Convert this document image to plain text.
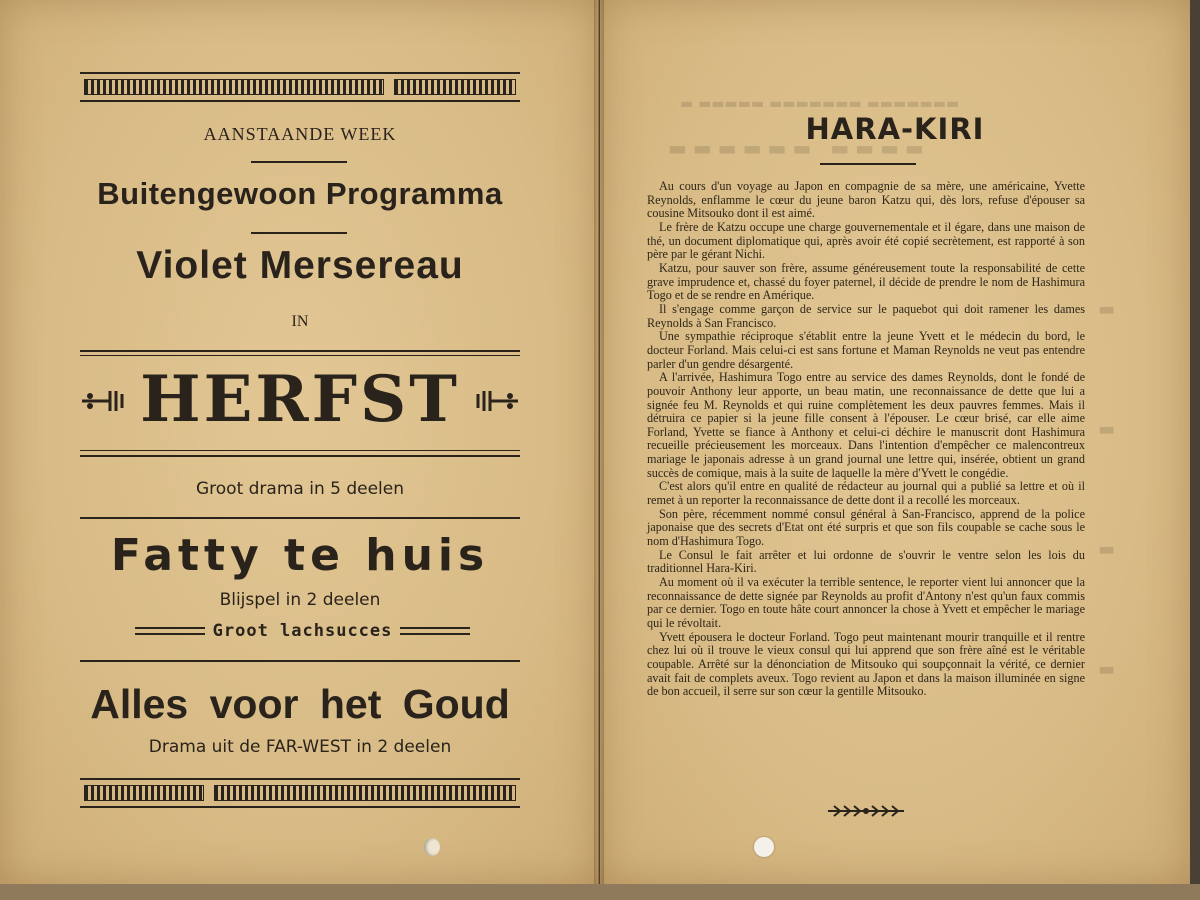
▬ ▬▬▬▬▬ ▬▬▬▬▬▬▬ ▬▬▬▬▬▬▬
▬▬▬▬▬▬ ▬▬▬▬
▬
▬
▬
▬
AANSTAANDE WEEK
Buitengewoon Programma
Violet Mersereau
IN
HERFST
Groot drama in 5 deelen
Fatty te huis
Blijspel in 2 deelen
Groot lachsucces
Alles voor het Goud
Drama uit de FAR-WEST in 2 deelen
HARA-KIRI

Au cours d'un voyage au Japon en compagnie de sa mère, une américaine, Yvette Reynolds, enflamme le cœur du jeune baron Katzu qui, dès lors, refuse d'épouser sa cousine Mitsouko dont il est aimé.

Le frère de Katzu occupe une charge gouvernementale et il égare, dans une maison de thé, un document diplomatique qui, après avoir été copié secrètement, est rapporté à son père par le gérant Nichi.

Katzu, pour sauver son frère, assume généreusement toute la responsabilité de cette grave imprudence et, chassé du foyer paternel, il décide de prendre le nom de Hashimura Togo et de se rendre en Amérique.

Il s'engage comme garçon de service sur le paquebot qui doit ramener les dames Reynolds à San Francisco.

Une sympathie réciproque s'établit entre la jeune Yvett et le médecin du bord, le docteur Forland. Mais celui-ci est sans fortune et Maman Reynolds ne veut pas entendre parler d'un gendre désargenté.

A l'arrivée, Hashimura Togo entre au service des dames Reynolds, dont le fondé de pouvoir Anthony leur apporte, un beau matin, une reconnaissance de dette que lui a signée feu M. Reynolds et qui ruine complètement les deux pauvres femmes. Mais il détruira ce papier si la jeune fille consent à l'épouser. Le cœur brisé, car elle aime Forland, Yvette se fiance à Anthony et celui-ci déchire le manuscrit dont Hashimura recueille précieusement les morceaux. Dans l'intention d'empêcher ce malencontreux mariage le japonais adresse à un grand journal une lettre qui, insérée, obtient un grand succès de comique, mais à la suite de laquelle la mère d'Yvett le congédie.

C'est alors qu'il entre en qualité de rédacteur au journal qui a publié sa lettre et où il remet à un reporter la reconnaissance de dette dont il a recollé les morceaux.

Son père, récemment nommé consul général à San-Francisco, apprend de la police japonaise que des secrets d'Etat ont été surpris et que son fils coupable se cache sous le nom d'Hashimura Togo.

Le Consul le fait arrêter et lui ordonne de s'ouvrir le ventre selon les lois du traditionnel Hara-Kiri.

Au moment où il va exécuter la terrible sentence, le reporter vient lui annoncer que la reconnaissance de dette signée par Reynolds au profit d'Antony n'est qu'un faux commis par ce dernier. Togo en toute hâte court annoncer la chose à Yvett et empêcher le mariage qui le révoltait.

Yvett épousera le docteur Forland. Togo peut maintenant mourir tranquille et il rentre chez lui où il trouve le vieux consul qui lui apprend que son frère aîné est le véritable coupable. Arrêté sur la dénonciation de Mitsouko qui soupçonnait la vérité, ce dernier avait fait de complets aveux. Togo revient au Japon et dans la maison illuminée en signe de bon accueil, il serre sur son cœur la gentille Mitsouko.
